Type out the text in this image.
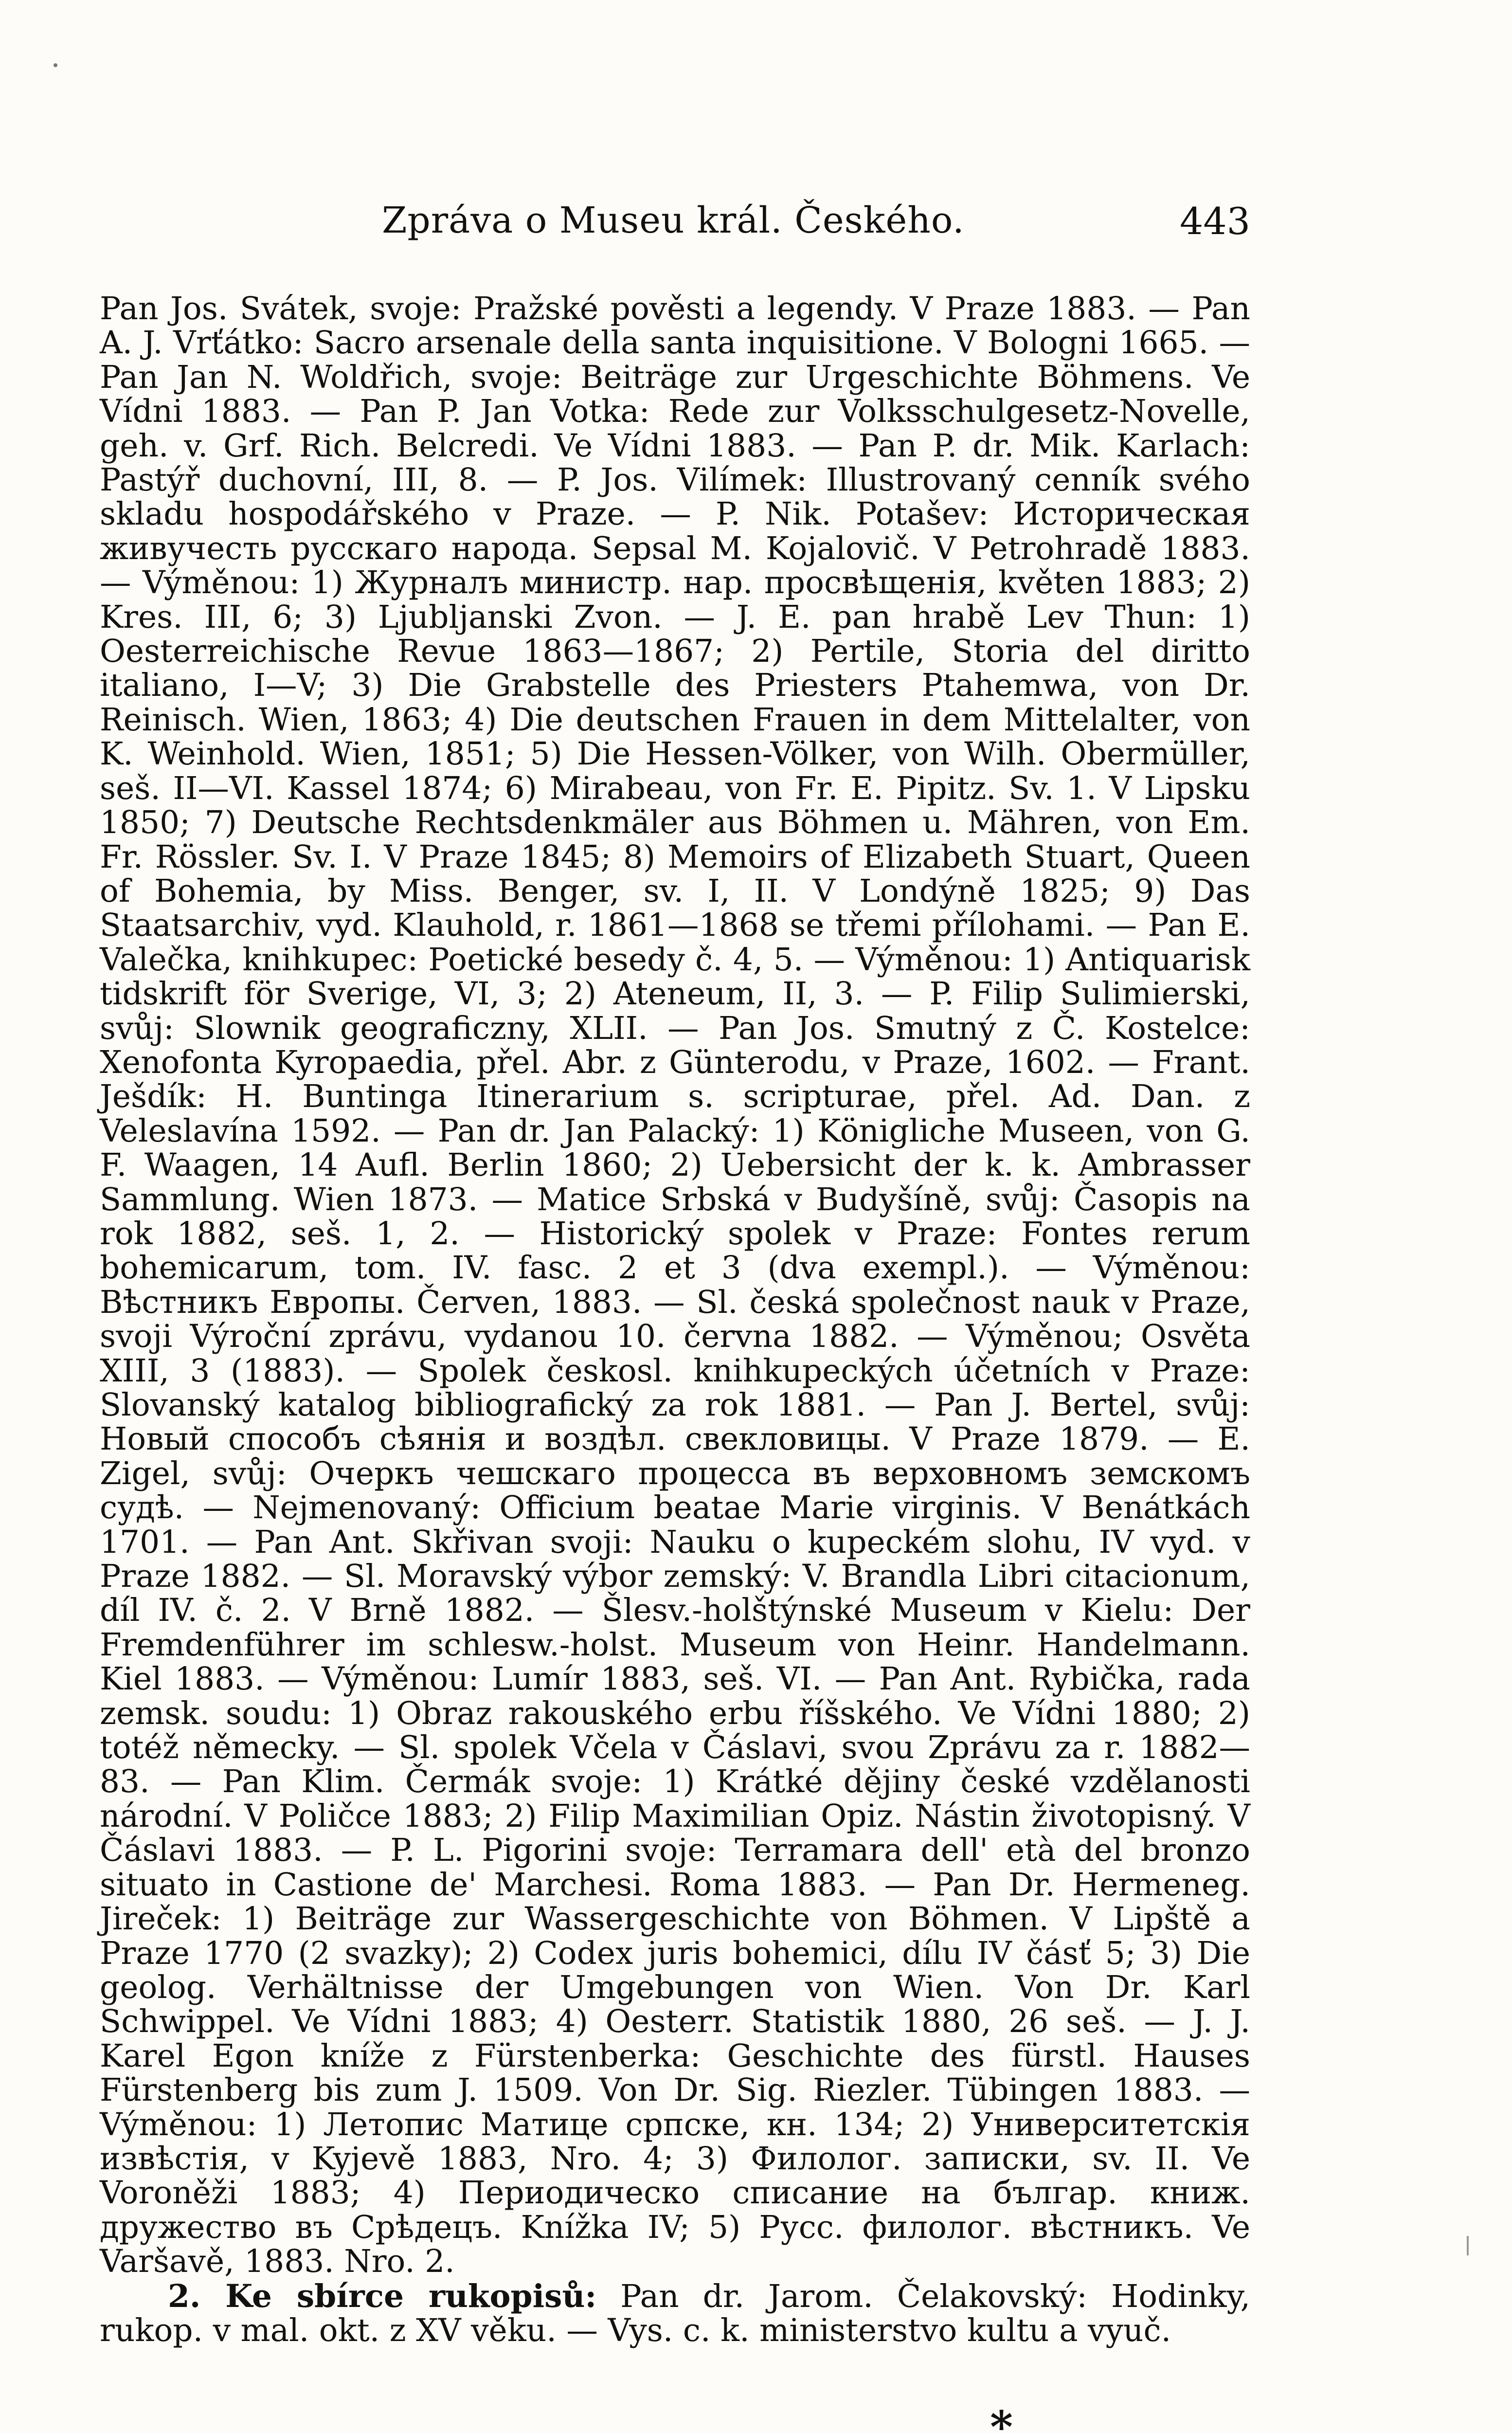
Zpráva o Museu král. Českého.	443

Pan Jos. Svátek, svoje: Pražské pověsti a legendy. V Praze 1883. — Pan A. J. Vrťátko: Sacro arsenale della santa inquisitione. V Bologni 1665. — Pan Jan N. Woldřich, svoje: Beiträge zur Urgeschichte Böhmens. Ve Vídni 1883. — Pan P. Jan Votka: Rede zur Volksschulgesetz-Novelle, geh. v. Grf. Rich. Belcredi. Ve Vídni 1883. — Pan P. dr. Mik. Karlach: Pastýř duchovní, III, 8. — P. Jos. Vilímek: Illustrovaný cenník svého skladu hospodářského v Praze. — P. Nik. Potašev: Историческая живучесть русскаго народа. Sepsal M. Kojalovič. V Petrohradě 1883. — Výměnou: 1) Журналъ министр. нар. просвѣщенія, květen 1883; 2) Kres. III, 6; 3) Ljubljanski Zvon. — J. E. pan hrabě Lev Thun: 1) Oesterreichische Revue 1863—1867; 2) Pertile, Storia del diritto italiano, I—V; 3) Die Grabstelle des Priesters Ptahemwa, von Dr. Reinisch. Wien, 1863; 4) Die deutschen Frauen in dem Mittelalter, von K. Weinhold. Wien, 1851; 5) Die Hessen-Völker, von Wilh. Obermüller, seš. II—VI. Kassel 1874; 6) Mirabeau, von Fr. E. Pipitz. Sv. 1. V Lipsku 1850; 7) Deutsche Rechtsdenkmäler aus Böhmen u. Mähren, von Em. Fr. Rössler. Sv. I. V Praze 1845; 8) Memoirs of Elizabeth Stuart, Queen of Bohemia, by Miss. Benger, sv. I, II. V Londýně 1825; 9) Das Staatsarchiv, vyd. Klauhold, r. 1861—1868 se třemi přílohami. — Pan E. Valečka, knihkupec: Poetické besedy č. 4, 5. — Výměnou: 1) Antiquarisk tidskrift för Sverige, VI, 3; 2) Ateneum, II, 3. — P. Filip Sulimierski, svůj: Slownik geograficzny, XLII. — Pan Jos. Smutný z Č. Kostelce: Xenofonta Kyropaedia, přel. Abr. z Günterodu, v Praze, 1602. — Frant. Ješdík: H. Buntinga Itinerarium s. scripturae, přel. Ad. Dan. z Veleslavína 1592. — Pan dr. Jan Palacký: 1) Königliche Museen, von G. F. Waagen, 14 Aufl. Berlin 1860; 2) Uebersicht der k. k. Ambrasser Sammlung. Wien 1873. — Matice Srbská v Budyšíně, svůj: Časopis na rok 1882, seš. 1, 2. — Historický spolek v Praze: Fontes rerum bohemicarum, tom. IV. fasc. 2 et 3 (dva exempl.). — Výměnou: Вѣстникъ Европы. Červen, 1883. — Sl. česká společnost nauk v Praze, svoji Výroční zprávu, vydanou 10. června 1882. — Výměnou; Osvěta XIII, 3 (1883). — Spolek českosl. knihkupeckých účetních v Praze: Slovanský katalog bibliografický za rok 1881. — Pan J. Bertel, svůj: Новый способъ сѣянія и воздѣл. свекловицы. V Praze 1879. — E. Zigel, svůj: Очеркъ чешскаго процесса въ верховномъ земскомъ судѣ. — Nejmenovaný: Officium beatae Marie virginis. V Benátkách 1701. — Pan Ant. Skřivan svoji: Nauku o kupeckém slohu, IV vyd. v Praze 1882. — Sl. Moravský výbor zemský: V. Brandla Libri citacionum, díl IV. č. 2. V Brně 1882. — Šlesv.-holštýnské Museum v Kielu: Der Fremdenführer im schlesw.-holst. Museum von Heinr. Handelmann. Kiel 1883. — Výměnou: Lumír 1883, seš. VI. — Pan Ant. Rybička, rada zemsk. soudu: 1) Obraz rakouského erbu říšského. Ve Vídni 1880; 2) totéž německy. — Sl. spolek Včela v Čáslavi, svou Zprávu za r. 1882—83. — Pan Klim. Čermák svoje: 1) Krátké dějiny české vzdělanosti národní. V Poličce 1883; 2) Filip Maximilian Opiz. Nástin životopisný. V Čáslavi 1883. — P. L. Pigorini svoje: Terramara dell' età del bronzo situato in Castione de' Marchesi. Roma 1883. — Pan Dr. Hermeneg. Jireček: 1) Beiträge zur Wassergeschichte von Böhmen. V Lipště a Praze 1770 (2 svazky); 2) Codex juris bohemici, dílu IV čásť 5; 3) Die geolog. Verhältnisse der Umgebungen von Wien. Von Dr. Karl Schwippel. Ve Vídni 1883; 4) Oesterr. Statistik 1880, 26 seš. — J. J. Karel Egon kníže z Fürstenberka: Geschichte des fürstl. Hauses Fürstenberg bis zum J. 1509. Von Dr. Sig. Riezler. Tübingen 1883. — Výměnou: 1) Летопис Матице српске, кн. 134; 2) Университетскія извѣстія, v Kyjevě 1883, Nro. 4; 3) Филолог. записки, sv. II. Ve Voroněži 1883; 4) Периодическо списание на българ. книж. дружество въ Срѣдецъ. Knížka IV; 5) Русс. филолог. вѣстникъ. Ve Varšavě, 1883. Nro. 2.

2. Ke sbírce rukopisů: Pan dr. Jarom. Čelakovský: Hodinky, rukop. v mal. okt. z XV věku. — Vys. c. k. ministerstvo kultu a vyuč.

*
